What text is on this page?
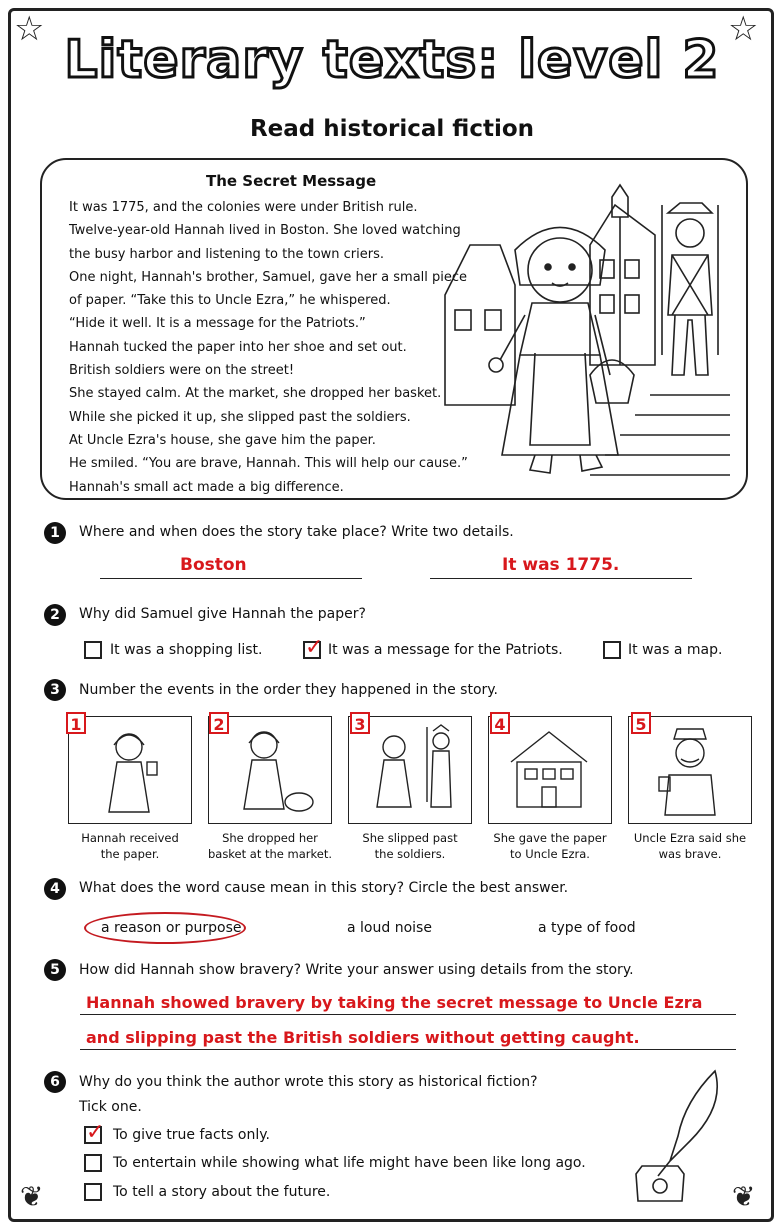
☆	☆
❦	❦
Literary texts: level 2
Read historical fiction
The Secret Message
It was 1775, and the colonies were under British rule.
Twelve-year-old Hannah lived in Boston. She loved watching
the busy harbor and listening to the town criers.
One night, Hannah's brother, Samuel, gave her a small piece
of paper. “Take this to Uncle Ezra,” he whispered.
“Hide it well. It is a message for the Patriots.”
Hannah tucked the paper into her shoe and set out.
British soldiers were on the street!
She stayed calm. At the market, she dropped her basket.
While she picked it up, she slipped past the soldiers.
At Uncle Ezra's house, she gave him the paper.
He smiled. “You are brave, Hannah. This will help our cause.”
Hannah's small act made a big difference.
1	Where and when does the story take place? Write two details.
Boston	It was 1775.
2	Why did Samuel give Hannah the paper?
It was a shopping list. ✓ It was a message for the Patriots.	It was a map.
3	Number the events in the order they happened in the story.
1	2	3	4	5
Hannah received
the paper.
She dropped her
basket at the market.
She slipped past
the soldiers.
She gave the paper
to Uncle Ezra.
Uncle Ezra said she
was brave.
4	What does the word cause mean in this story? Circle the best answer.
a reason or purpose	a loud noise	a type of food
5	How did Hannah show bravery? Write your answer using details from the story.
Hannah showed bravery by taking the secret message to Uncle Ezra
and slipping past the British soldiers without getting caught.
6	Why do you think the author wrote this story as historical fiction?
Tick one.
✓ To give true facts only.
To entertain while showing what life might have been like long ago.
To tell a story about the future.
